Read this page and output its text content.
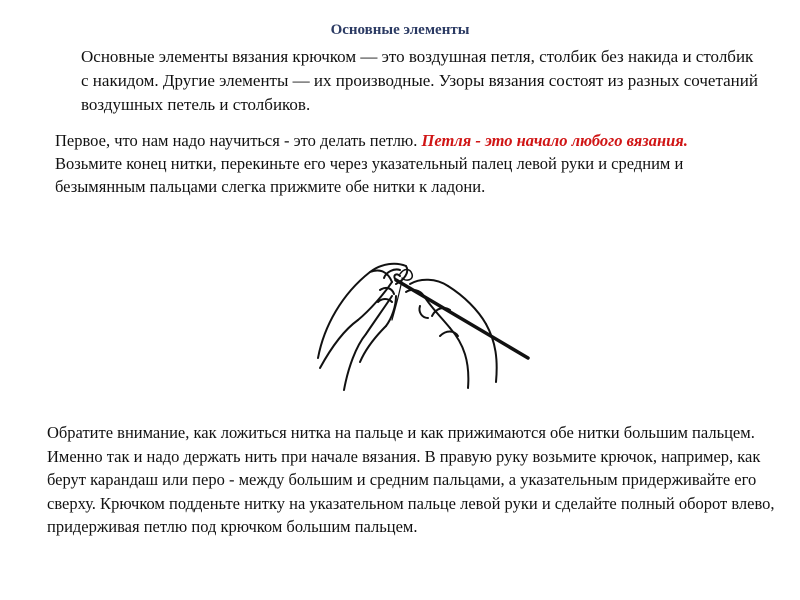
Основные элементы
Основные элементы вязания крючком — это воздушная петля, столбик без накида и столбик с накидом. Другие элементы — их производные. Узоры вязания состоят из разных сочетаний воздушных петель и столбиков.
Первое, что нам надо научиться - это делать петлю. Петля - это начало любого вязания.
Возьмите конец нитки, перекиньте его через указательный палец левой руки и средним и безымянным пальцами слегка прижмите обе нитки к ладони.
Обратите внимание, как ложиться нитка на пальце и как прижимаются обе нитки большим пальцем. Именно так и надо держать нить при начале вязания. В правую руку возьмите крючок, например, как берут карандаш или перо - между большим и средним пальцами, а указательным придерживайте его сверху. Крючком подденьте нитку на указательном пальце левой руки и сделайте полный оборот влево, придерживая петлю под крючком большим пальцем.
